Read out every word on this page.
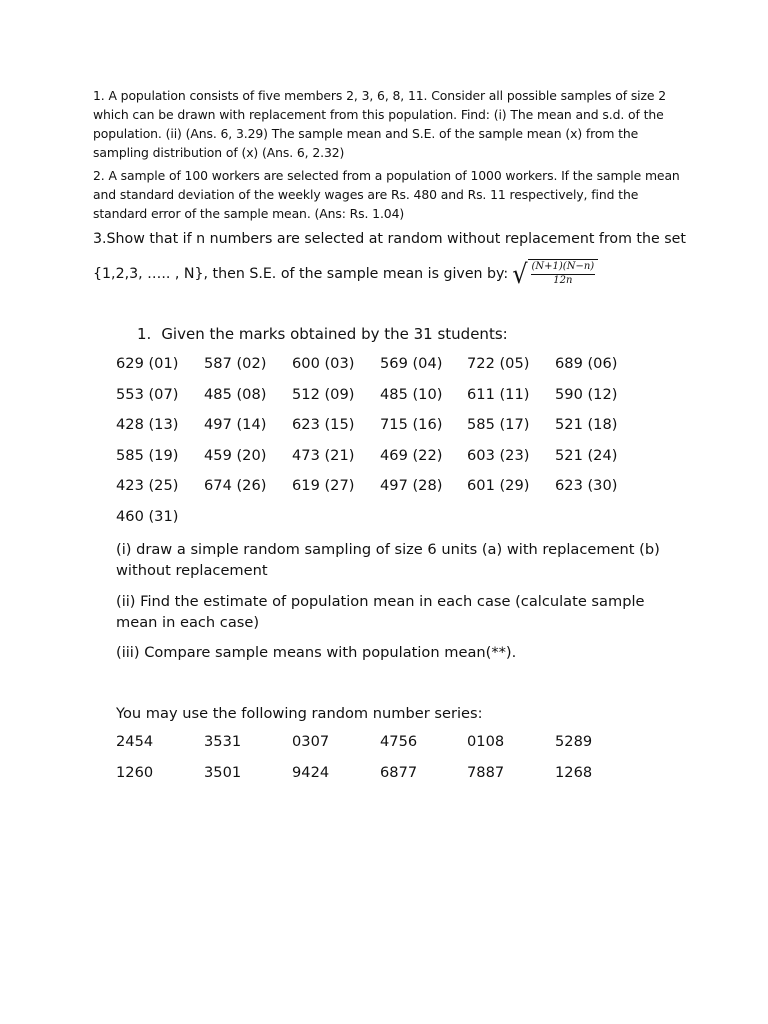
1. A population consists of five members 2, 3, 6, 8, 11. Consider all possible samples of size 2 which can be drawn with replacement from this population. Find: (i) The mean and s.d. of the population. (ii) (Ans. 6, 3.29) The sample mean and S.E. of the sample mean (x) from the sampling distribution of (x) (Ans. 6, 2.32)
2. A sample of 100 workers are selected from a population of 1000 workers. If the sample mean and standard deviation of the weekly wages are Rs. 480 and Rs. 11 respectively, find the standard error of the sample mean. (Ans: Rs. 1.04)
3.Show that if n numbers are selected at random without replacement from the set
{1,2,3, ….. , N}, then S.E. of the sample mean is given by: √ $\frac{(N+1)(N-n)}{12n}$
1. Given the marks obtained by the 31 students:
629 (01) 587 (02) 600 (03) 569 (04) 722 (05) 689 (06)
553 (07) 485 (08) 512 (09) 485 (10) 611 (11) 590 (12)
428 (13) 497 (14) 623 (15) 715 (16) 585 (17) 521 (18)
585 (19) 459 (20) 473 (21) 469 (22) 603 (23) 521 (24)
423 (25) 674 (26) 619 (27) 497 (28) 601 (29) 623 (30)
460 (31)
(i) draw a simple random sampling of size 6 units (a) with replacement (b) without replacement
(ii) Find the estimate of population mean in each case (calculate sample mean in each case)
(iii) Compare sample means with population mean(**).
You may use the following random number series:
2454	3531	0307	4756	0108	5289
1260	3501	9424	6877	7887	1268
